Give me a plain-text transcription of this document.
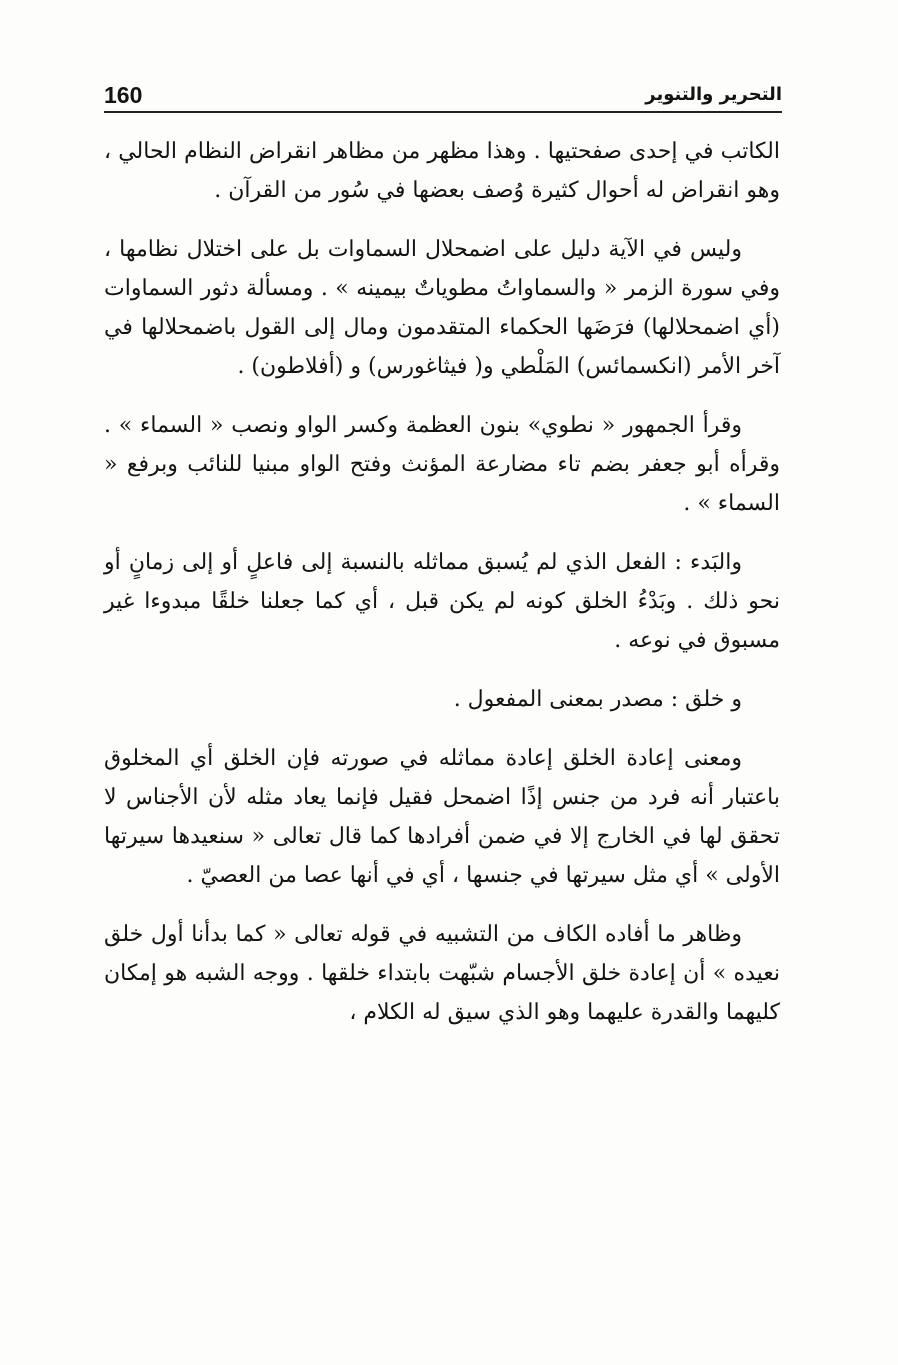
160	التحرير والتنوير

الكاتب في إحدى صفحتيها . وهذا مظهر من مظاهر انقراض النظام الحالي ، وهو انقراض له أحوال كثيرة وُصف بعضها في سُور من القرآن .

وليس في الآية دليل على اضمحلال السماوات بل على اختلال نظامها ، وفي سورة الزمر « والسماواتُ مطوياتٌ بيمينه » . ومسألة دثور السماوات (أي اضمحلالها) فرَضَها الحكماء المتقدمون ومال إلى القول باضمحلالها في آخر الأمر (انكسمائس) المَلْطي و( فيثاغورس) و (أفلاطون) .

وقرأ الجمهور « نطوي» بنون العظمة وكسر الواو ونصب « السماء » . وقرأه أبو جعفر بضم تاء مضارعة المؤنث وفتح الواو مبنيا للنائب وبرفع « السماء » .

والبَدء : الفعل الذي لم يُسبق مماثله بالنسبة إلى فاعلٍ أو إلى زمانٍ أو نحو ذلك . وبَدْءُ الخلق كونه لم يكن قبل ، أي كما جعلنا خلقًا مبدوءا غير مسبوق في نوعه .

و خلق : مصدر بمعنى المفعول .

ومعنى إعادة الخلق إعادة مماثله في صورته فإن الخلق أي المخلوق باعتبار أنه فرد من جنس إذًا اضمحل فقيل فإنما يعاد مثله لأن الأجناس لا تحقق لها في الخارج إلا في ضمن أفرادها كما قال تعالى « سنعيدها سيرتها الأولى » أي مثل سيرتها في جنسها ، أي في أنها عصا من العصيّ .

وظاهر ما أفاده الكاف من التشبيه في قوله تعالى « كما بدأنا أول خلق نعيده » أن إعادة خلق الأجسام شبّهت بابتداء خلقها . ووجه الشبه هو إمكان كليهما والقدرة عليهما وهو الذي سيق له الكلام ،
